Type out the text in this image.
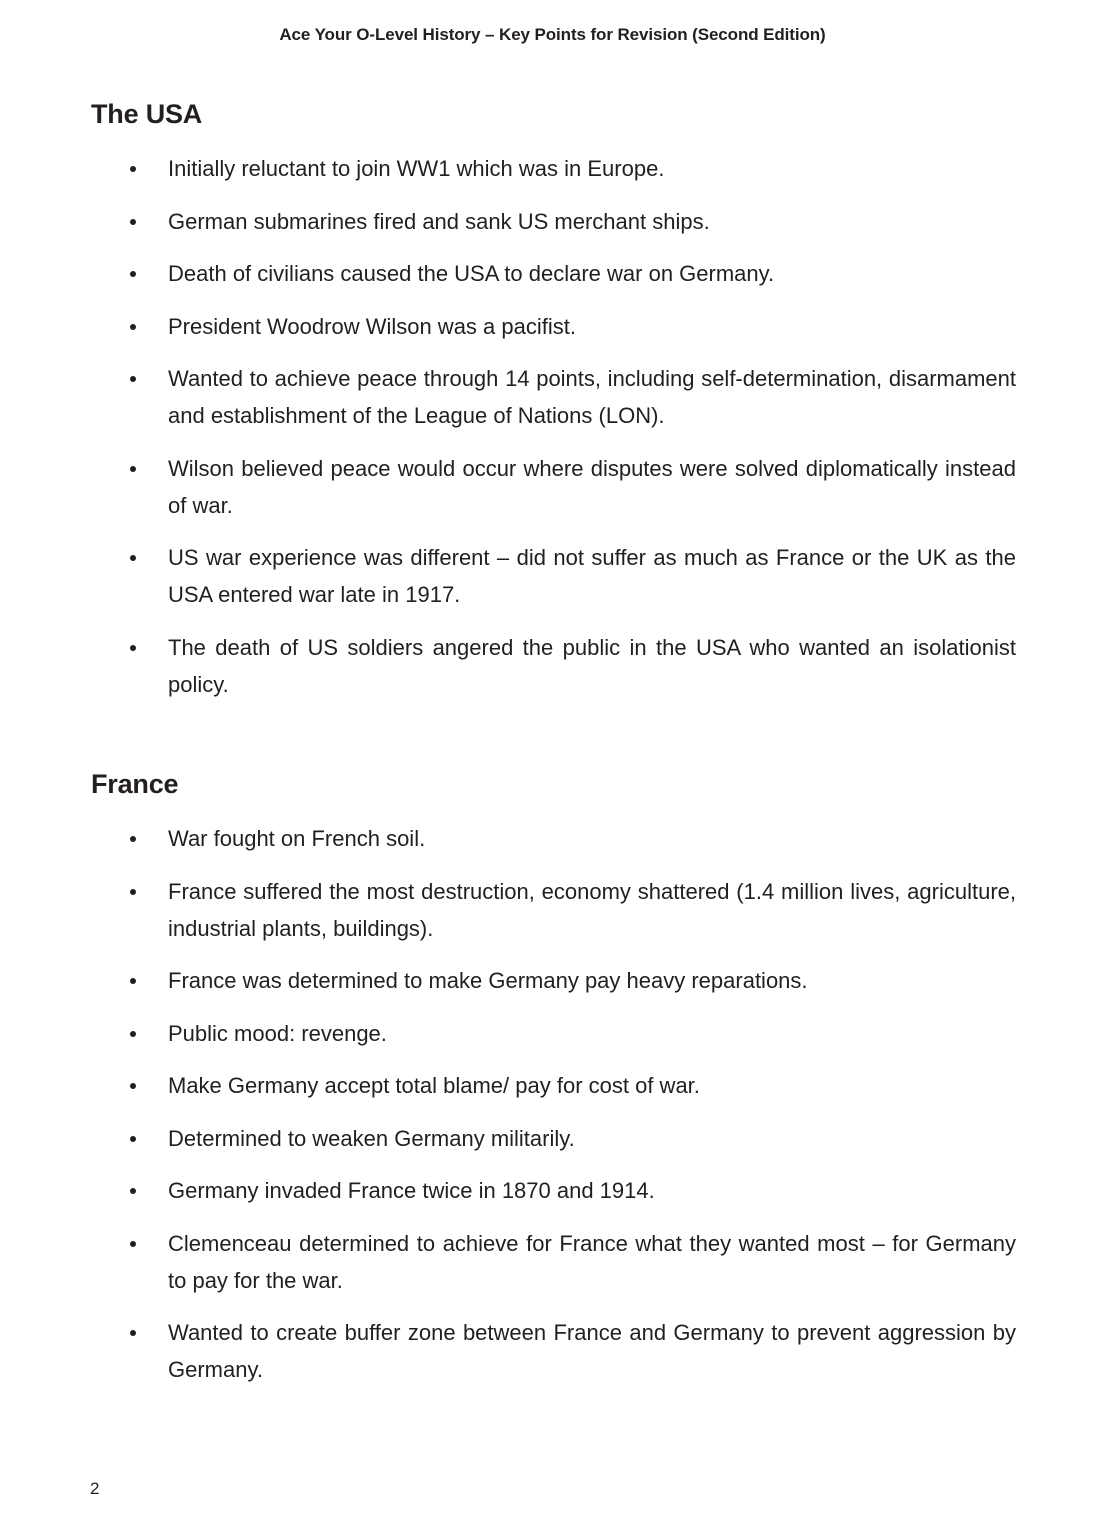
Ace Your O-Level History – Key Points for Revision (Second Edition)
The USA
Initially reluctant to join WW1 which was in Europe.
German submarines fired and sank US merchant ships.
Death of civilians caused the USA to declare war on Germany.
President Woodrow Wilson was a pacifist.
Wanted to achieve peace through 14 points, including self-determination, disarmament and establishment of the League of Nations (LON).
Wilson believed peace would occur where disputes were solved diplomatically instead of war.
US war experience was different – did not suffer as much as France or the UK as the USA entered war late in 1917.
The death of US soldiers angered the public in the USA who wanted an isolationist policy.
France
War fought on French soil.
France suffered the most destruction, economy shattered (1.4 million lives, agriculture, industrial plants, buildings).
France was determined to make Germany pay heavy reparations.
Public mood: revenge.
Make Germany accept total blame/ pay for cost of war.
Determined to weaken Germany militarily.
Germany invaded France twice in 1870 and 1914.
Clemenceau determined to achieve for France what they wanted most – for Germany to pay for the war.
Wanted to create buffer zone between France and Germany to prevent aggression by Germany.
2
